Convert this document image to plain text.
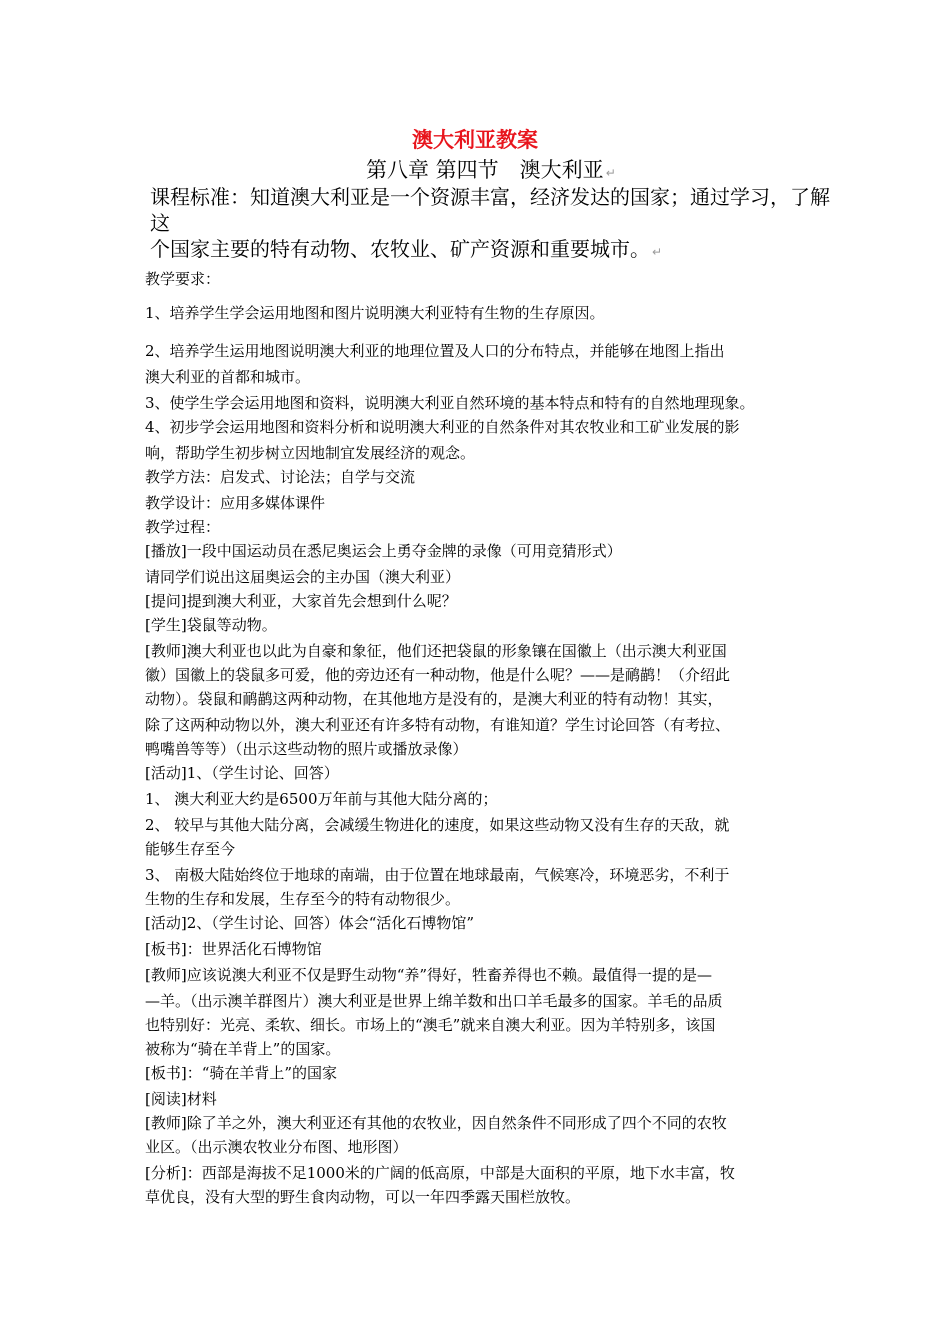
澳大利亚教案
第八章 第四节　澳大利亚 ↵
课程标准：知道澳大利亚是一个资源丰富，经济发达的国家；通过学习，了解这
个国家主要的特有动物、农牧业、矿产资源和重要城市。 ↵
教学要求：
1、培养学生学会运用地图和图片说明澳大利亚特有生物的生存原因。
2、培养学生运用地图说明澳大利亚的地理位置及人口的分布特点，并能够在地图上指出
澳大利亚的首都和城市。
3、使学生学会运用地图和资料，说明澳大利亚自然环境的基本特点和特有的自然地理现象。
4、初步学会运用地图和资料分析和说明澳大利亚的自然条件对其农牧业和工矿业发展的影
响，帮助学生初步树立因地制宜发展经济的观念。
教学方法：启发式、讨论法；自学与交流
教学设计：应用多媒体课件
教学过程：
[播放]一段中国运动员在悉尼奥运会上勇夺金牌的录像（可用竞猜形式）
请同学们说出这届奥运会的主办国（澳大利亚）
[提问]提到澳大利亚，大家首先会想到什么呢？
[学生]袋鼠等动物。
[教师]澳大利亚也以此为自豪和象征，他们还把袋鼠的形象镶在国徽上（出示澳大利亚国
徽）国徽上的袋鼠多可爱，他的旁边还有一种动物，他是什么呢？——是鸸鹋！（介绍此
动物）。袋鼠和鸸鹋这两种动物，在其他地方是没有的，是澳大利亚的特有动物！其实，
除了这两种动物以外，澳大利亚还有许多特有动物，有谁知道？学生讨论回答（有考拉、
鸭嘴兽等等）（出示这些动物的照片或播放录像）
[活动]1、（学生讨论、回答）
1、 澳大利亚大约是6500万年前与其他大陆分离的；
2、 较早与其他大陆分离，会减缓生物进化的速度，如果这些动物又没有生存的天敌，就
能够生存至今
3、 南极大陆始终位于地球的南端，由于位置在地球最南，气候寒冷，环境恶劣，不利于
生物的生存和发展，生存至今的特有动物很少。
[活动]2、（学生讨论、回答）体会“活化石博物馆”
[板书]：世界活化石博物馆
[教师]应该说澳大利亚不仅是野生动物“养”得好，牲畜养得也不赖。最值得一提的是—
—羊。（出示澳羊群图片）澳大利亚是世界上绵羊数和出口羊毛最多的国家。羊毛的品质
也特别好：光亮、柔软、细长。市场上的“澳毛”就来自澳大利亚。因为羊特别多，该国
被称为“骑在羊背上”的国家。
[板书]：“骑在羊背上”的国家
[阅读]材料
[教师]除了羊之外，澳大利亚还有其他的农牧业，因自然条件不同形成了四个不同的农牧
业区。（出示澳农牧业分布图、地形图）
[分析]：西部是海拔不足1000米的广阔的低高原，中部是大面积的平原，地下水丰富，牧
草优良，没有大型的野生食肉动物，可以一年四季露天围栏放牧。
